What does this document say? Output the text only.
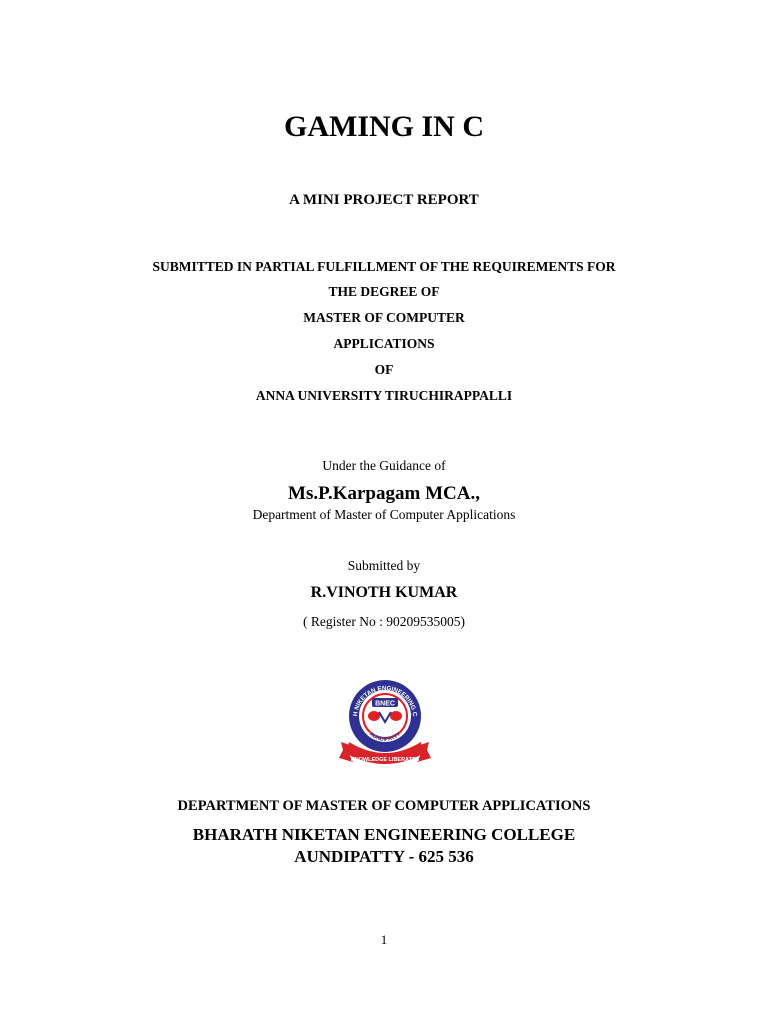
GAMING IN C
A MINI PROJECT REPORT
SUBMITTED IN PARTIAL FULFILLMENT OF THE REQUIREMENTS FOR
THE DEGREE OF
MASTER OF COMPUTER
APPLICATIONS
OF
ANNA UNIVERSITY TIRUCHIRAPPALLI
Under the Guidance of
Ms.P.Karpagam MCA.,
Department of Master of Computer Applications
Submitted by
R.VINOTH KUMAR
( Register No : 90209535005)
KNOWLEDGE LIBERATES
H NIKETAN ENGINEERING C
BNEC
AUNDIPATTY
DEPARTMENT OF MASTER OF COMPUTER APPLICATIONS
BHARATH NIKETAN ENGINEERING COLLEGE
AUNDIPATTY - 625 536
1
